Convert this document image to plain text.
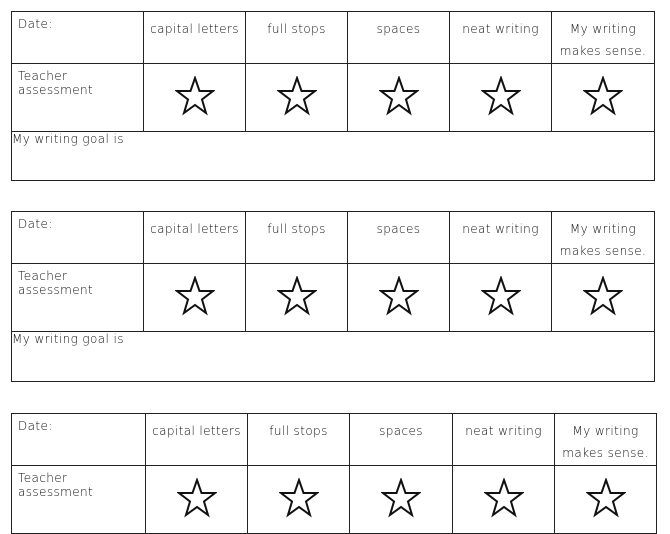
Date:	capital letters	full stops	spaces	neat writing	My writing
makes sense.

Teacher assessment	

My writing goal is					
Date:	capital letters	full stops	spaces	neat writing	My writing
makes sense.

Teacher assessment	

My writing goal is					
Date:	capital letters	full stops	spaces	neat writing	My writing
makes sense.

Teacher assessment	
